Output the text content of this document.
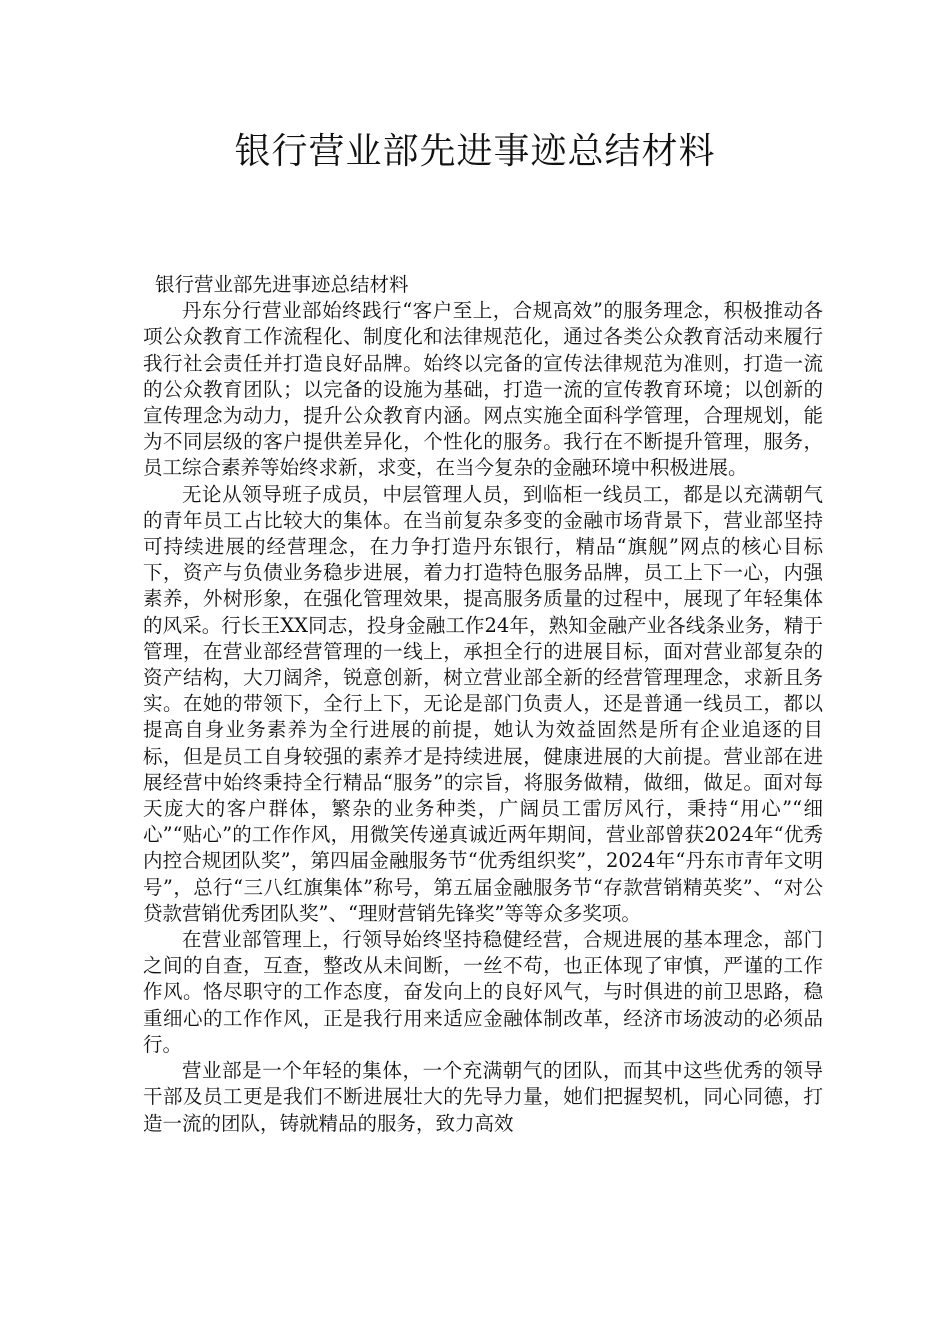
银行营业部先进事迹总结材料

银行营业部先进事迹总结材料

丹东分行营业部始终践行“客户至上，合规高效”的服务理念，积极推动各项公众教育工作流程化、制度化和法律规范化，通过各类公众教育活动来履行我行社会责任并打造良好品牌。始终以完备的宣传法律规范为准则，打造一流的公众教育团队；以完备的设施为基础，打造一流的宣传教育环境；以创新的宣传理念为动力，提升公众教育内涵。网点实施全面科学管理，合理规划，能为不同层级的客户提供差异化，个性化的服务。我行在不断提升管理，服务，员工综合素养等始终求新，求变，在当今复杂的金融环境中积极进展。

无论从领导班子成员，中层管理人员，到临柜一线员工，都是以充满朝气的青年员工占比较大的集体。在当前复杂多变的金融市场背景下，营业部坚持可持续进展的经营理念，在力争打造丹东银行，精品“旗舰”网点的核心目标下，资产与负债业务稳步进展，着力打造特色服务品牌，员工上下一心，内强素养，外树形象，在强化管理效果，提高服务质量的过程中，展现了年轻集体的风采。行长王XX同志，投身金融工作24年，熟知金融产业各线条业务，精于管理，在营业部经营管理的一线上，承担全行的进展目标，面对营业部复杂的资产结构，大刀阔斧，锐意创新，树立营业部全新的经营管理理念，求新且务实。在她的带领下，全行上下，无论是部门负责人，还是普通一线员工，都以提高自身业务素养为全行进展的前提，她认为效益固然是所有企业追逐的目标，但是员工自身较强的素养才是持续进展，健康进展的大前提。营业部在进展经营中始终秉持全行精品“服务”的宗旨，将服务做精，做细，做足。面对每天庞大的客户群体，繁杂的业务种类，广阔员工雷厉风行，秉持“用心”“细心”“贴心”的工作作风，用微笑传递真诚近两年期间，营业部曾获2024年“优秀内控合规团队奖”，第四届金融服务节“优秀组织奖”，2024年“丹东市青年文明号”，总行“三八红旗集体”称号，第五届金融服务节“存款营销精英奖”、“对公贷款营销优秀团队奖”、“理财营销先锋奖”等等众多奖项。

在营业部管理上，行领导始终坚持稳健经营，合规进展的基本理念，部门之间的自查，互查，整改从未间断，一丝不苟，也正体现了审慎，严谨的工作作风。恪尽职守的工作态度，奋发向上的良好风气，与时俱进的前卫思路，稳重细心的工作作风，正是我行用来适应金融体制改革，经济市场波动的必须品行。

营业部是一个年轻的集体，一个充满朝气的团队，而其中这些优秀的领导干部及员工更是我们不断进展壮大的先导力量，她们把握契机，同心同德，打造一流的团队，铸就精品的服务，致力高效
